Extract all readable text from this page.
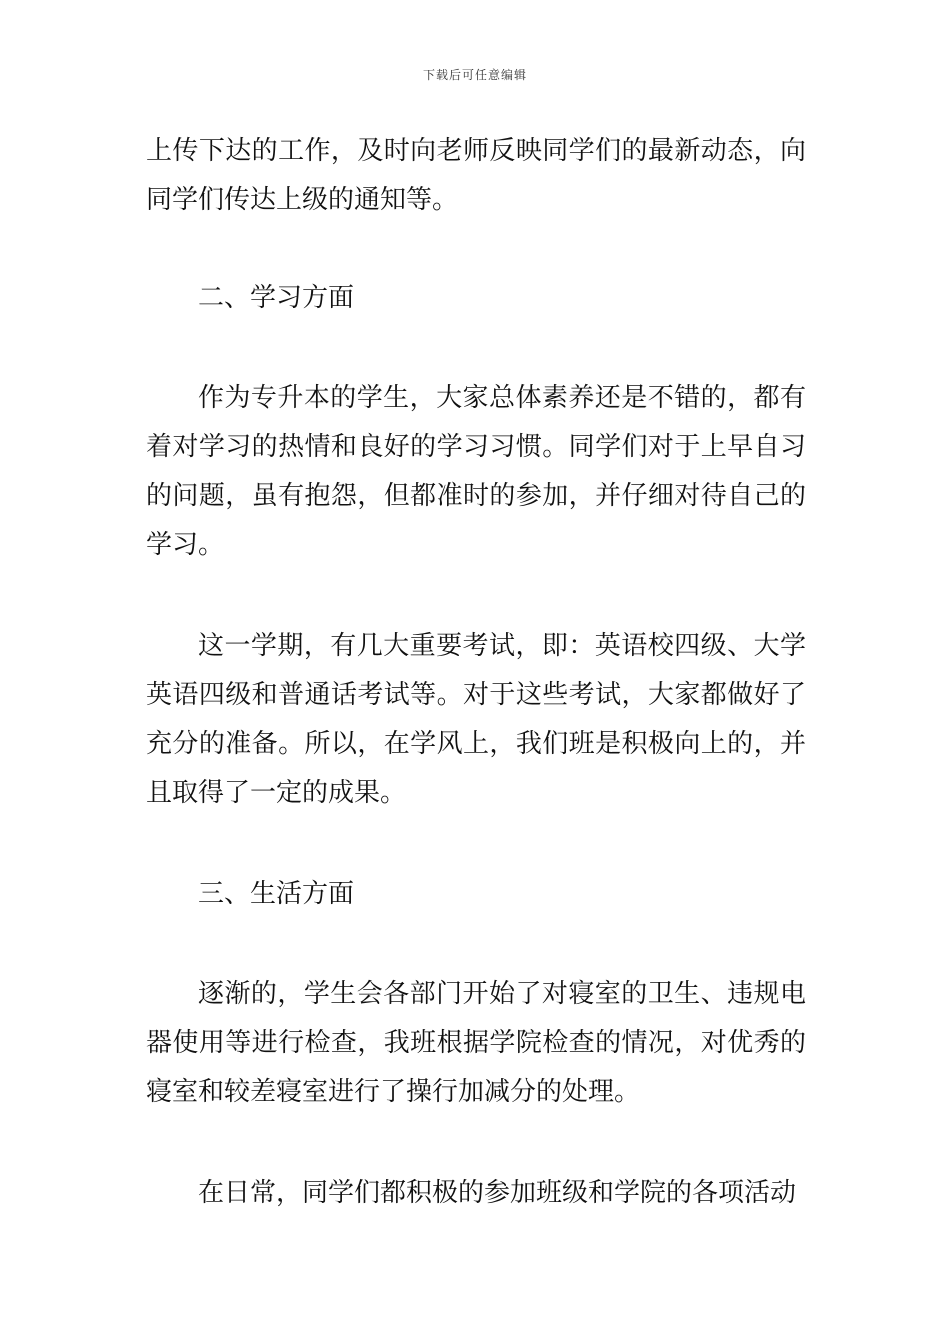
下载后可任意编辑

上传下达的工作，及时向老师反映同学们的最新动态，向同学们传达上级的通知等。

二、学习方面

作为专升本的学生，大家总体素养还是不错的，都有着对学习的热情和良好的学习习惯。同学们对于上早自习的问题，虽有抱怨，但都准时的参加，并仔细对待自己的学习。

这一学期，有几大重要考试，即：英语校四级、大学英语四级和普通话考试等。对于这些考试，大家都做好了充分的准备。所以，在学风上，我们班是积极向上的，并且取得了一定的成果。

三、生活方面

逐渐的，学生会各部门开始了对寝室的卫生、违规电器使用等进行检查，我班根据学院检查的情况，对优秀的寝室和较差寝室进行了操行加减分的处理。

在日常，同学们都积极的参加班级和学院的各项活动
